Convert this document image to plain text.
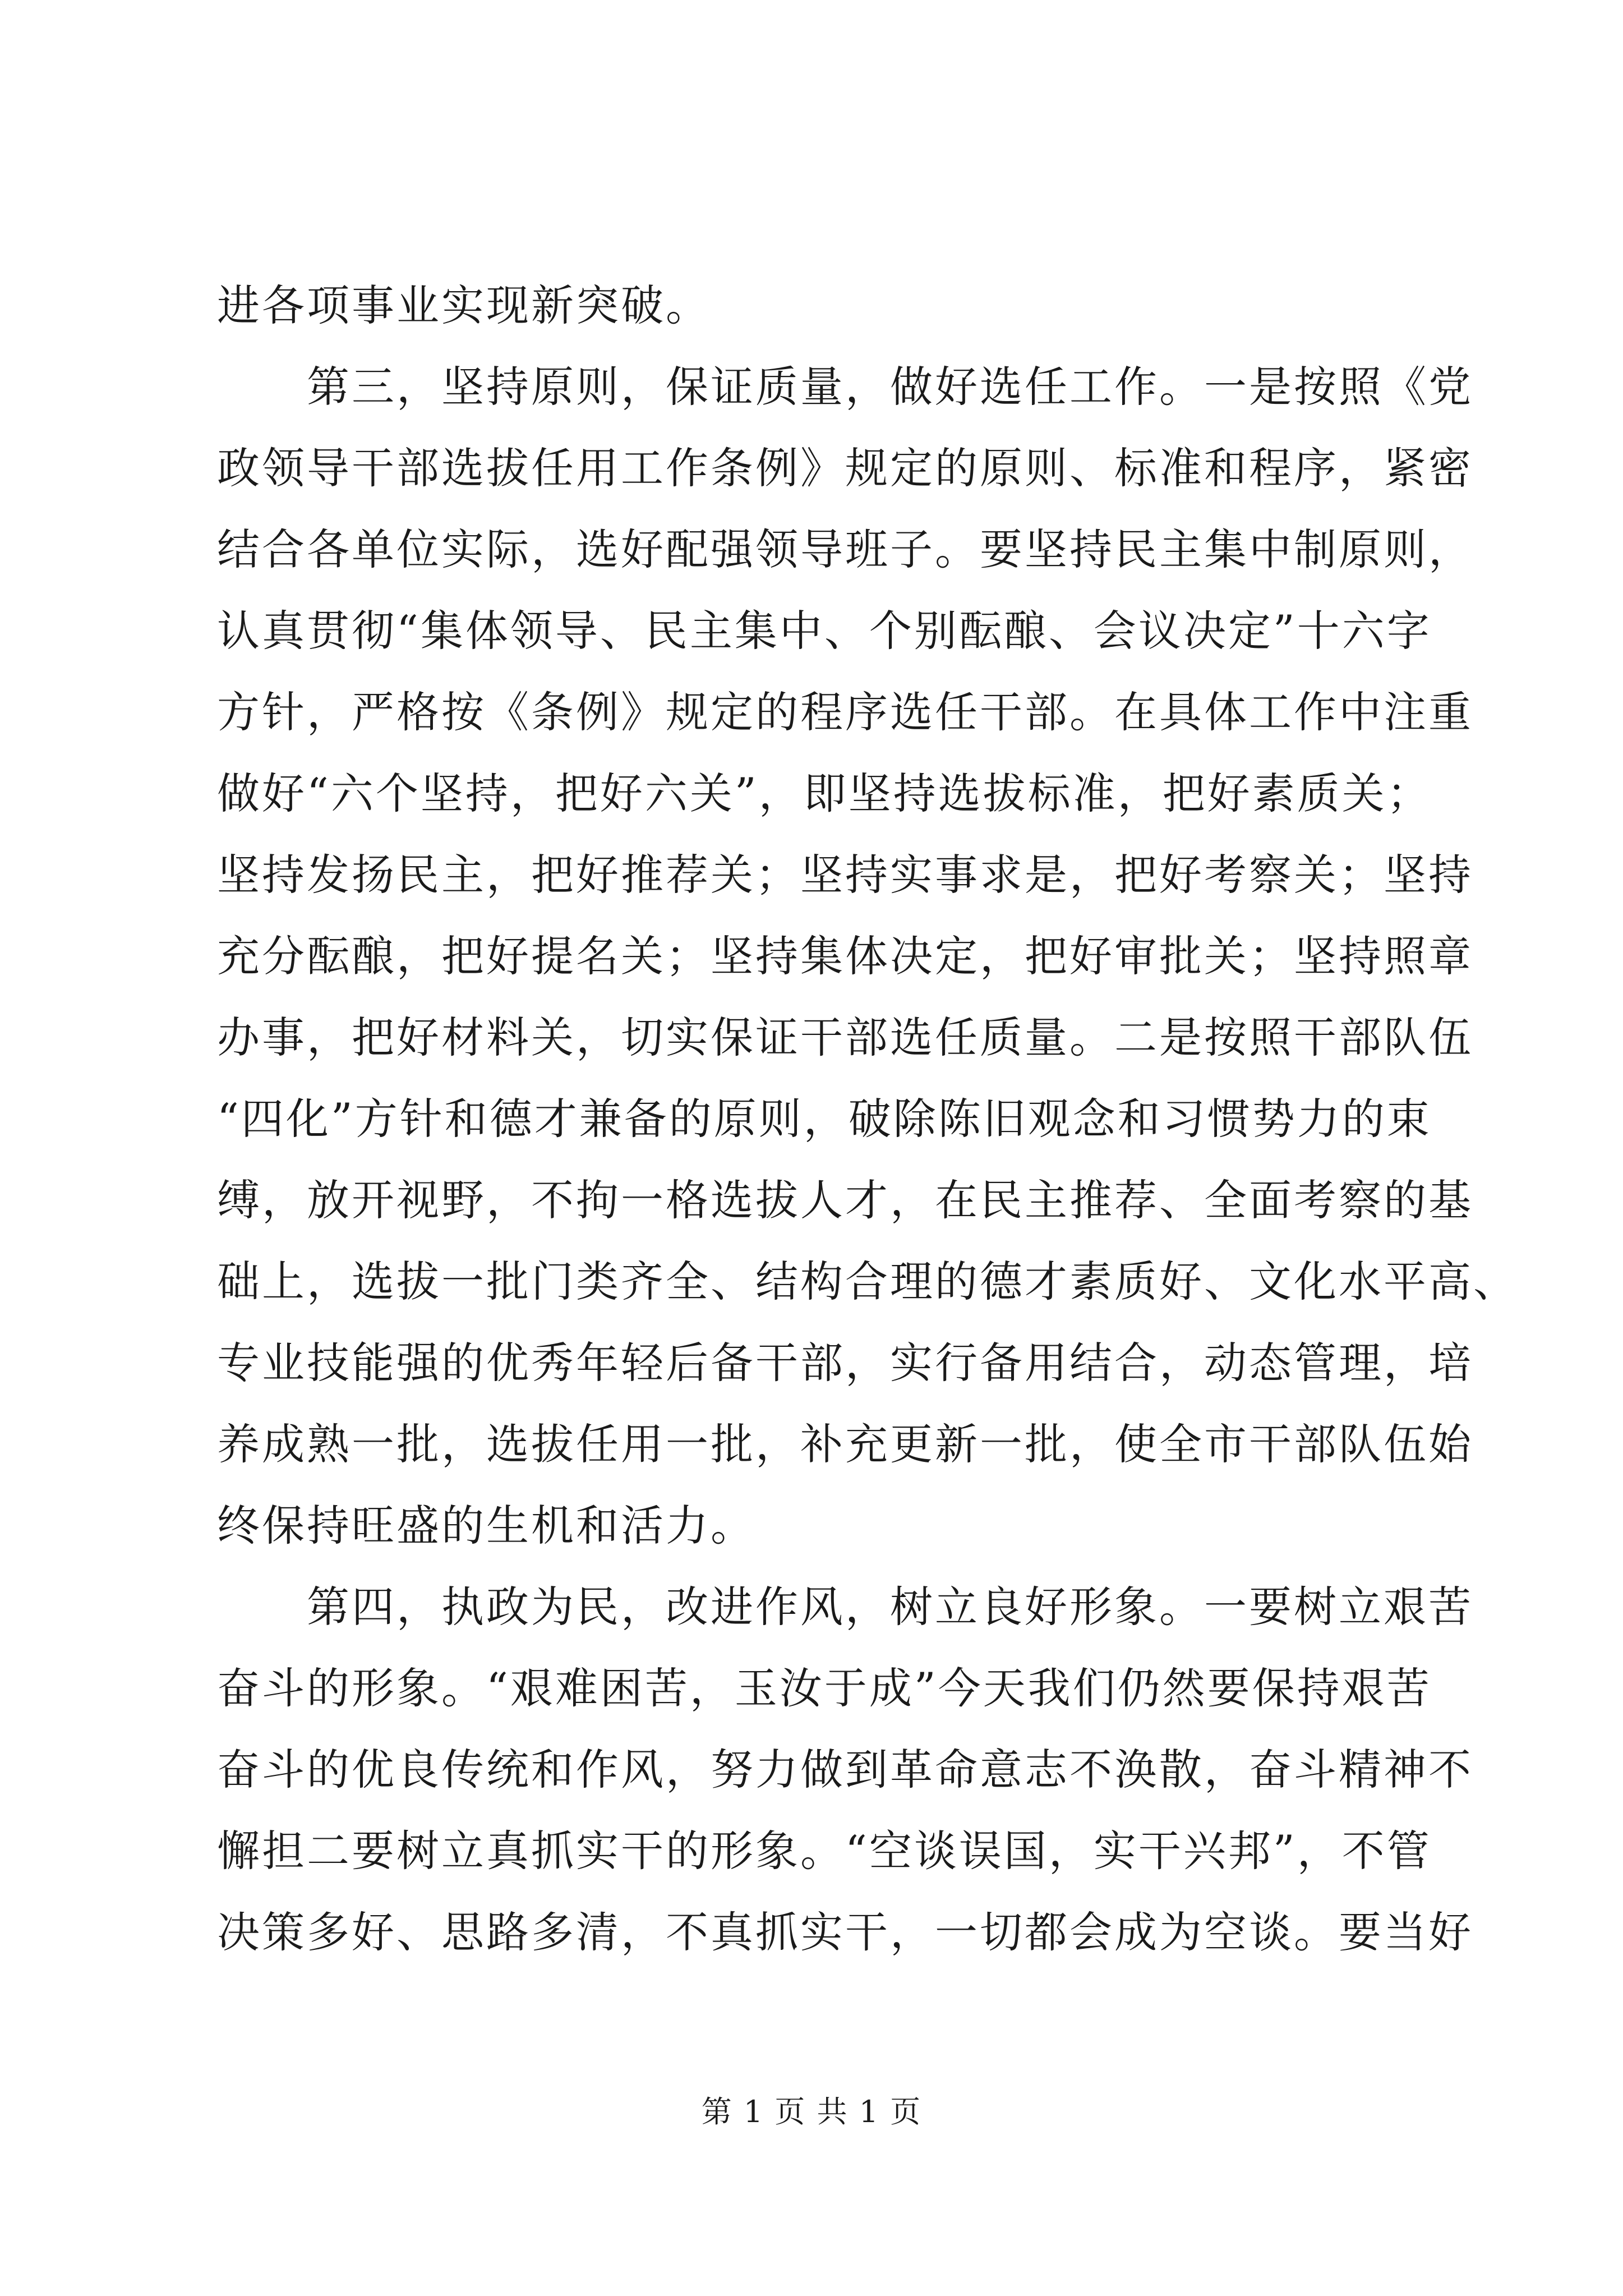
进各项事业实现新突破。
第三，坚持原则，保证质量，做好选任工作。一是按照《党
政领导干部选拔任用工作条例》规定的原则、标准和程序，紧密
结合各单位实际，选好配强领导班子。要坚持民主集中制原则，
认真贯彻“集体领导、民主集中、个别酝酿、会议决定”十六字
方针，严格按《条例》规定的程序选任干部。在具体工作中注重
做好“六个坚持，把好六关”，即坚持选拔标准，把好素质关；
坚持发扬民主，把好推荐关；坚持实事求是，把好考察关；坚持
充分酝酿，把好提名关；坚持集体决定，把好审批关；坚持照章
办事，把好材料关，切实保证干部选任质量。二是按照干部队伍
“四化”方针和德才兼备的原则，破除陈旧观念和习惯势力的束
缚，放开视野，不拘一格选拔人才，在民主推荐、全面考察的基
础上，选拔一批门类齐全、结构合理的德才素质好、文化水平高、
专业技能强的优秀年轻后备干部，实行备用结合，动态管理，培
养成熟一批，选拔任用一批，补充更新一批，使全市干部队伍始
终保持旺盛的生机和活力。
第四，执政为民，改进作风，树立良好形象。一要树立艰苦
奋斗的形象。“艰难困苦，玉汝于成”今天我们仍然要保持艰苦
奋斗的优良传统和作风，努力做到革命意志不涣散，奋斗精神不
懈担二要树立真抓实干的形象。“空谈误国，实干兴邦”，不管
决策多好、思路多清，不真抓实干，一切都会成为空谈。要当好
第 1 页 共 1 页
